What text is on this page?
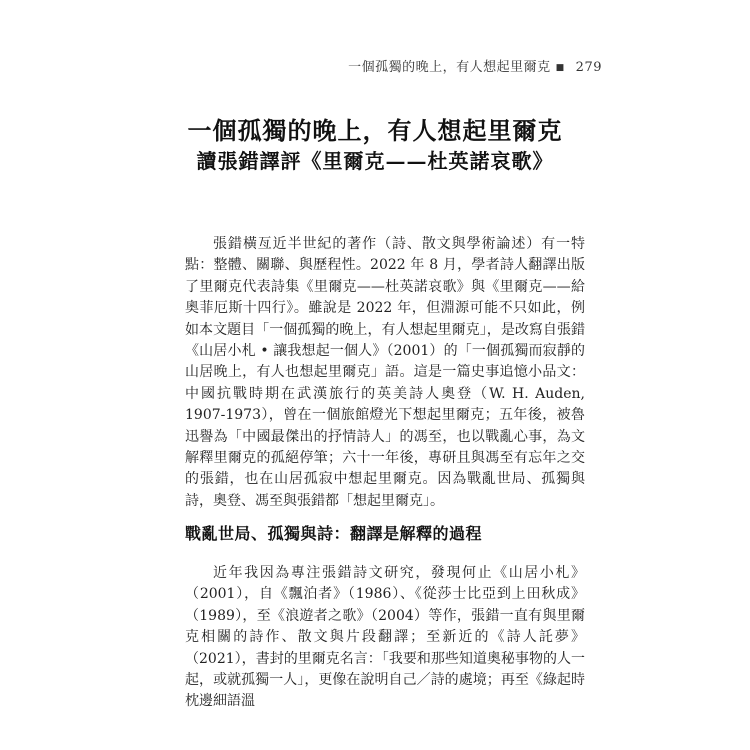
一個孤獨的晚上，有人想起里爾克 ■ 279
一個孤獨的晚上，有人想起里爾克
讀張錯譯評《里爾克——杜英諾哀歌》

張錯橫亙近半世紀的著作（詩、散文與學術論述）有一特點：整體、關聯、與歷程性。2022 年 8 月，學者詩人翻譯出版了里爾克代表詩集《里爾克——杜英諾哀歌》與《里爾克——給奧菲厄斯十四行》。雖說是 2022 年，但淵源可能不只如此，例如本文題目「一個孤獨的晚上，有人想起里爾克」，是改寫自張錯《山居小札 • 讓我想起一個人》（2001）的「一個孤獨而寂靜的山居晚上，有人也想起里爾克」語。這是一篇史事追憶小品文：中國抗戰時期在武漢旅行的英美詩人奧登（W. H. Auden, 1907-1973），曾在一個旅館燈光下想起里爾克；五年後，被魯迅譽為「中國最傑出的抒情詩人」的馮至，也以戰亂心事，為文解釋里爾克的孤絕停筆；六十一年後，專研且與馮至有忘年之交的張錯，也在山居孤寂中想起里爾克。因為戰亂世局、孤獨與詩，奧登、馮至與張錯都「想起里爾克」。

戰亂世局、孤獨與詩：翻譯是解釋的過程

近年我因為專注張錯詩文研究，發現何止《山居小札》（2001），自《飄泊者》（1986）、《從莎士比亞到上田秋成》（1989），至《浪遊者之歌》（2004）等作，張錯一直有與里爾克相關的詩作、散文與片段翻譯；至新近的《詩人託夢》（2021），書封的里爾克名言：「我要和那些知道奧秘事物的人一起，或就孤獨一人」，更像在說明自己／詩的處境；再至《綠起時枕邊細語溫
